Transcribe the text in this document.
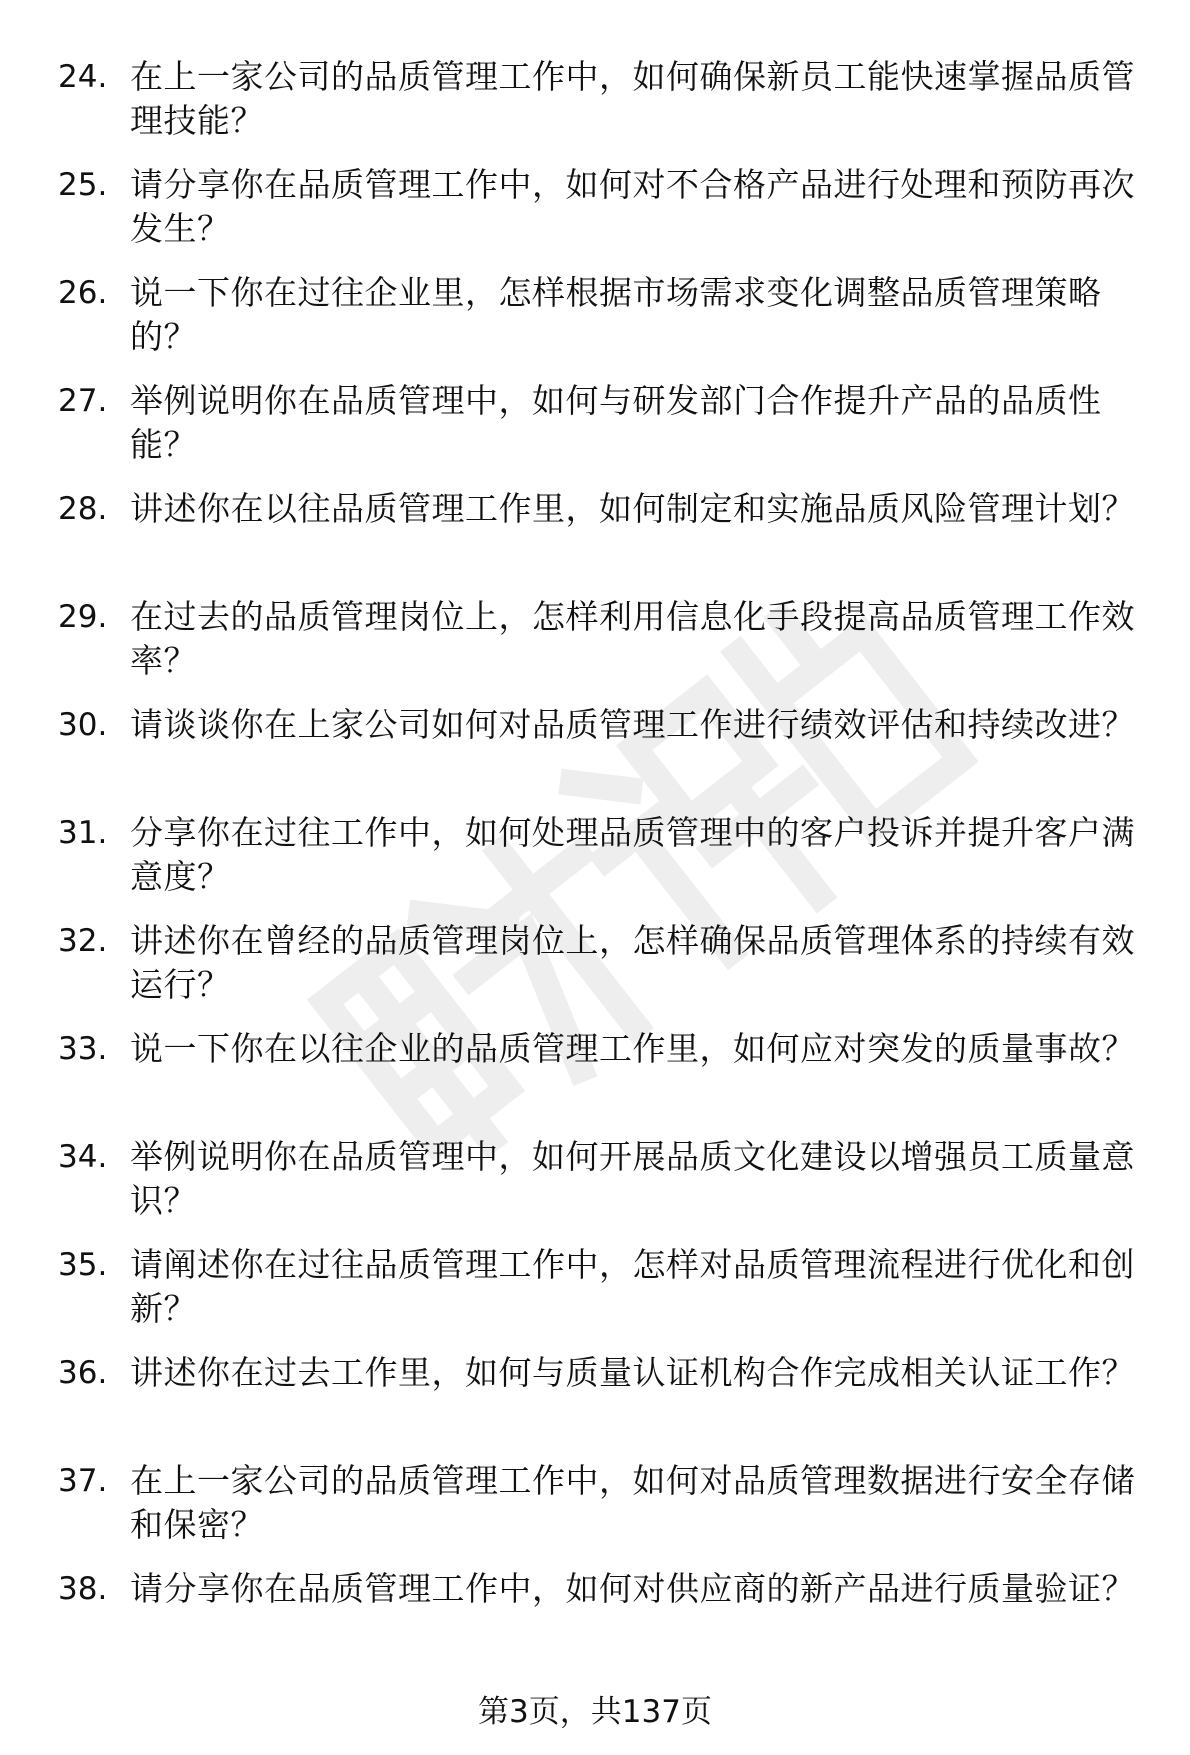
24. 在上一家公司的品质管理工作中，如何确保新员工能快速掌握品质管理技能？
25. 请分享你在品质管理工作中，如何对不合格产品进行处理和预防再次发生？
26. 说一下你在过往企业里，怎样根据市场需求变化调整品质管理策略的？
27. 举例说明你在品质管理中，如何与研发部门合作提升产品的品质性能？
28. 讲述你在以往品质管理工作里，如何制定和实施品质风险管理计划？
29. 在过去的品质管理岗位上，怎样利用信息化手段提高品质管理工作效率？
30. 请谈谈你在上家公司如何对品质管理工作进行绩效评估和持续改进？
31. 分享你在过往工作中，如何处理品质管理中的客户投诉并提升客户满意度？
32. 讲述你在曾经的品质管理岗位上，怎样确保品质管理体系的持续有效运行？
33. 说一下你在以往企业的品质管理工作里，如何应对突发的质量事故？
34. 举例说明你在品质管理中，如何开展品质文化建设以增强员工质量意识？
35. 请阐述你在过往品质管理工作中，怎样对品质管理流程进行优化和创新？
36. 讲述你在过去工作里，如何与质量认证机构合作完成相关认证工作？
37. 在上一家公司的品质管理工作中，如何对品质管理数据进行安全存储和保密？
38. 请分享你在品质管理工作中，如何对供应商的新产品进行质量验证？
第3页，共137页
